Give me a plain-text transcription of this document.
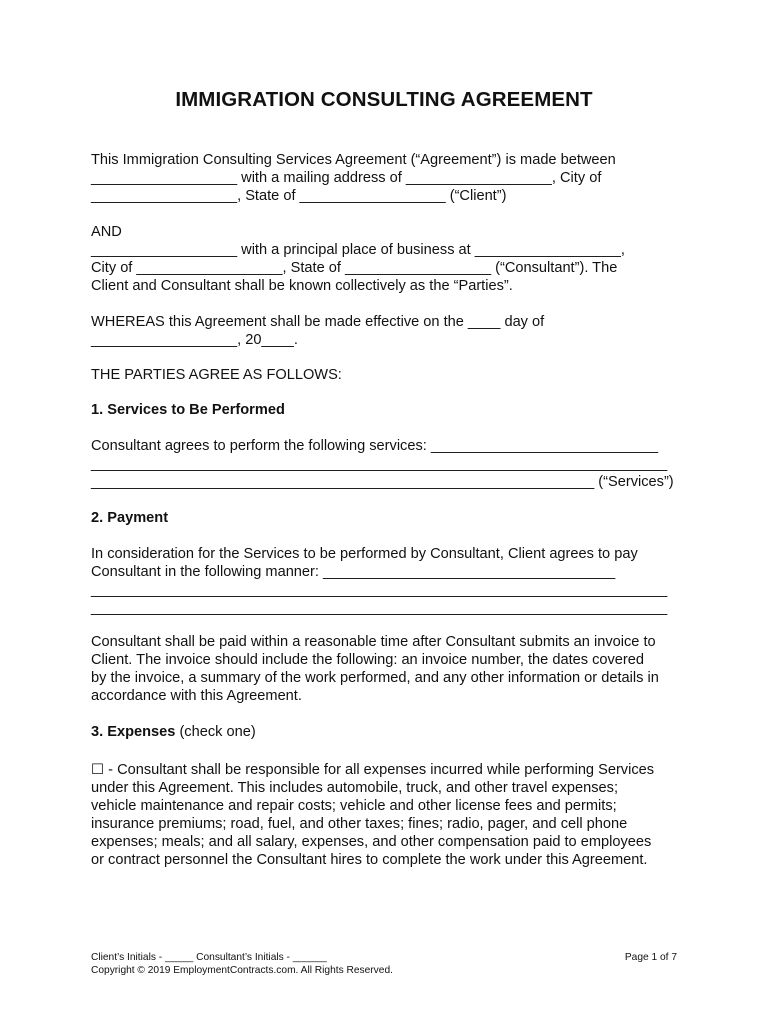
IMMIGRATION CONSULTING AGREEMENT

This Immigration Consulting Services Agreement (“Agreement”) is made between

__________________ with a mailing address of __________________, City of

__________________, State of __________________ (“Client”)

AND

__________________ with a principal place of business at __________________,

City of __________________, State of __________________ (“Consultant”). The

Client and Consultant shall be known collectively as the “Parties”.

WHEREAS this Agreement shall be made effective on the ____ day of

__________________, 20____.

THE PARTIES AGREE AS FOLLOWS:

1. Services to Be Performed

Consultant agrees to perform the following services: ____________________________

_______________________________________________________________________

______________________________________________________________ (“Services”)

2. Payment

In consideration for the Services to be performed by Consultant, Client agrees to pay

Consultant in the following manner: ____________________________________

_______________________________________________________________________

_______________________________________________________________________

Consultant shall be paid within a reasonable time after Consultant submits an invoice to

Client. The invoice should include the following: an invoice number, the dates covered

by the invoice, a summary of the work performed, and any other information or details in

accordance with this Agreement.

3. Expenses (check one)

☐ - Consultant shall be responsible for all expenses incurred while performing Services

under this Agreement. This includes automobile, truck, and other travel expenses;

vehicle maintenance and repair costs; vehicle and other license fees and permits;

insurance premiums; road, fuel, and other taxes; fines; radio, pager, and cell phone

expenses; meals; and all salary, expenses, and other compensation paid to employees

or contract personnel the Consultant hires to complete the work under this Agreement.

Client’s Initials - _____ Consultant’s Initials - ______
Copyright © 2019 EmploymentContracts.com. All Rights Reserved.
Page 1 of 7
